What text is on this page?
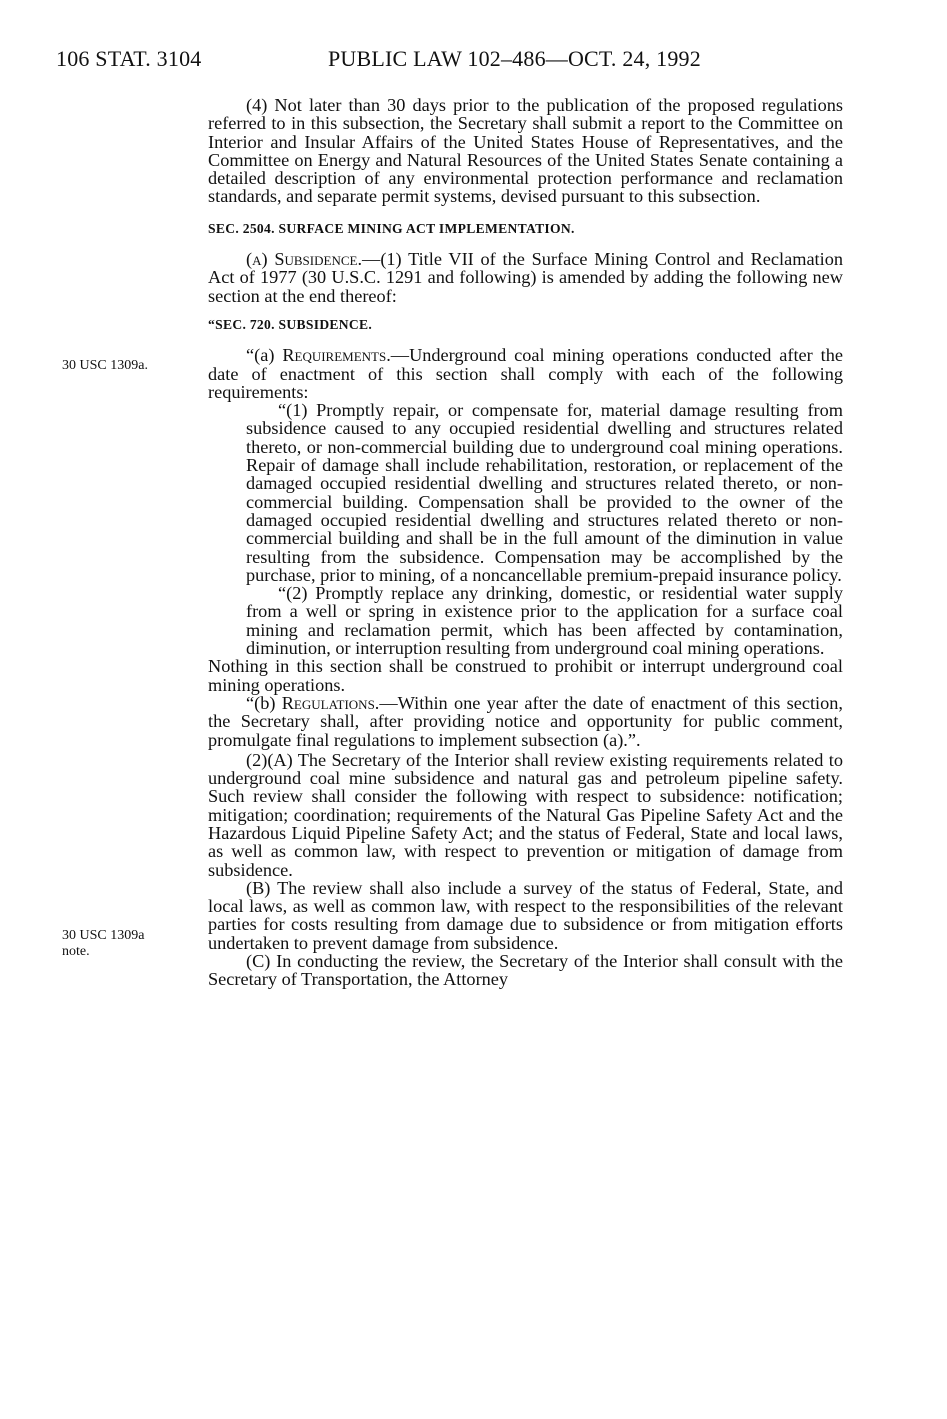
106 STAT. 3104	PUBLIC LAW 102–486—OCT. 24, 1992
30 USC 1309a.
30 USC 1309a
note.

(4) Not later than 30 days prior to the publication of the proposed regulations referred to in this subsection, the Secretary shall submit a report to the Committee on Interior and Insular Affairs of the United States House of Representatives, and the Committee on Energy and Natural Resources of the United States Senate containing a detailed description of any environmental protection performance and reclamation standards, and separate permit systems, devised pursuant to this subsection.

SEC. 2504. SURFACE MINING ACT IMPLEMENTATION.

(a) Subsidence.—(1) Title VII of the Surface Mining Control and Reclamation Act of 1977 (30 U.S.C. 1291 and following) is amended by adding the following new section at the end thereof:

“SEC. 720. SUBSIDENCE.

“(a) Requirements.—Underground coal mining operations conducted after the date of enactment of this section shall comply with each of the following requirements:

“(1) Promptly repair, or compensate for, material damage resulting from subsidence caused to any occupied residential dwelling and structures related thereto, or non-commercial building due to underground coal mining operations. Repair of damage shall include rehabilitation, restoration, or replacement of the damaged occupied residential dwelling and structures related thereto, or non-commercial building. Compensation shall be provided to the owner of the damaged occupied residential dwelling and structures related thereto or non-commercial building and shall be in the full amount of the diminution in value resulting from the subsidence. Compensation may be accomplished by the purchase, prior to mining, of a noncancellable premium-prepaid insurance policy.

“(2) Promptly replace any drinking, domestic, or residential water supply from a well or spring in existence prior to the application for a surface coal mining and reclamation permit, which has been affected by contamination, diminution, or interruption resulting from underground coal mining operations.

Nothing in this section shall be construed to prohibit or interrupt underground coal mining operations.

“(b) Regulations.—Within one year after the date of enactment of this section, the Secretary shall, after providing notice and opportunity for public comment, promulgate final regulations to implement subsection (a).”.

(2)(A) The Secretary of the Interior shall review existing requirements related to underground coal mine subsidence and natural gas and petroleum pipeline safety. Such review shall consider the following with respect to subsidence: notification; mitigation; coordination; requirements of the Natural Gas Pipeline Safety Act and the Hazardous Liquid Pipeline Safety Act; and the status of Federal, State and local laws, as well as common law, with respect to prevention or mitigation of damage from subsidence.

(B) The review shall also include a survey of the status of Federal, State, and local laws, as well as common law, with respect to the responsibilities of the relevant parties for costs resulting from damage due to subsidence or from mitigation efforts undertaken to prevent damage from subsidence.

(C) In conducting the review, the Secretary of the Interior shall consult with the Secretary of Transportation, the Attorney
